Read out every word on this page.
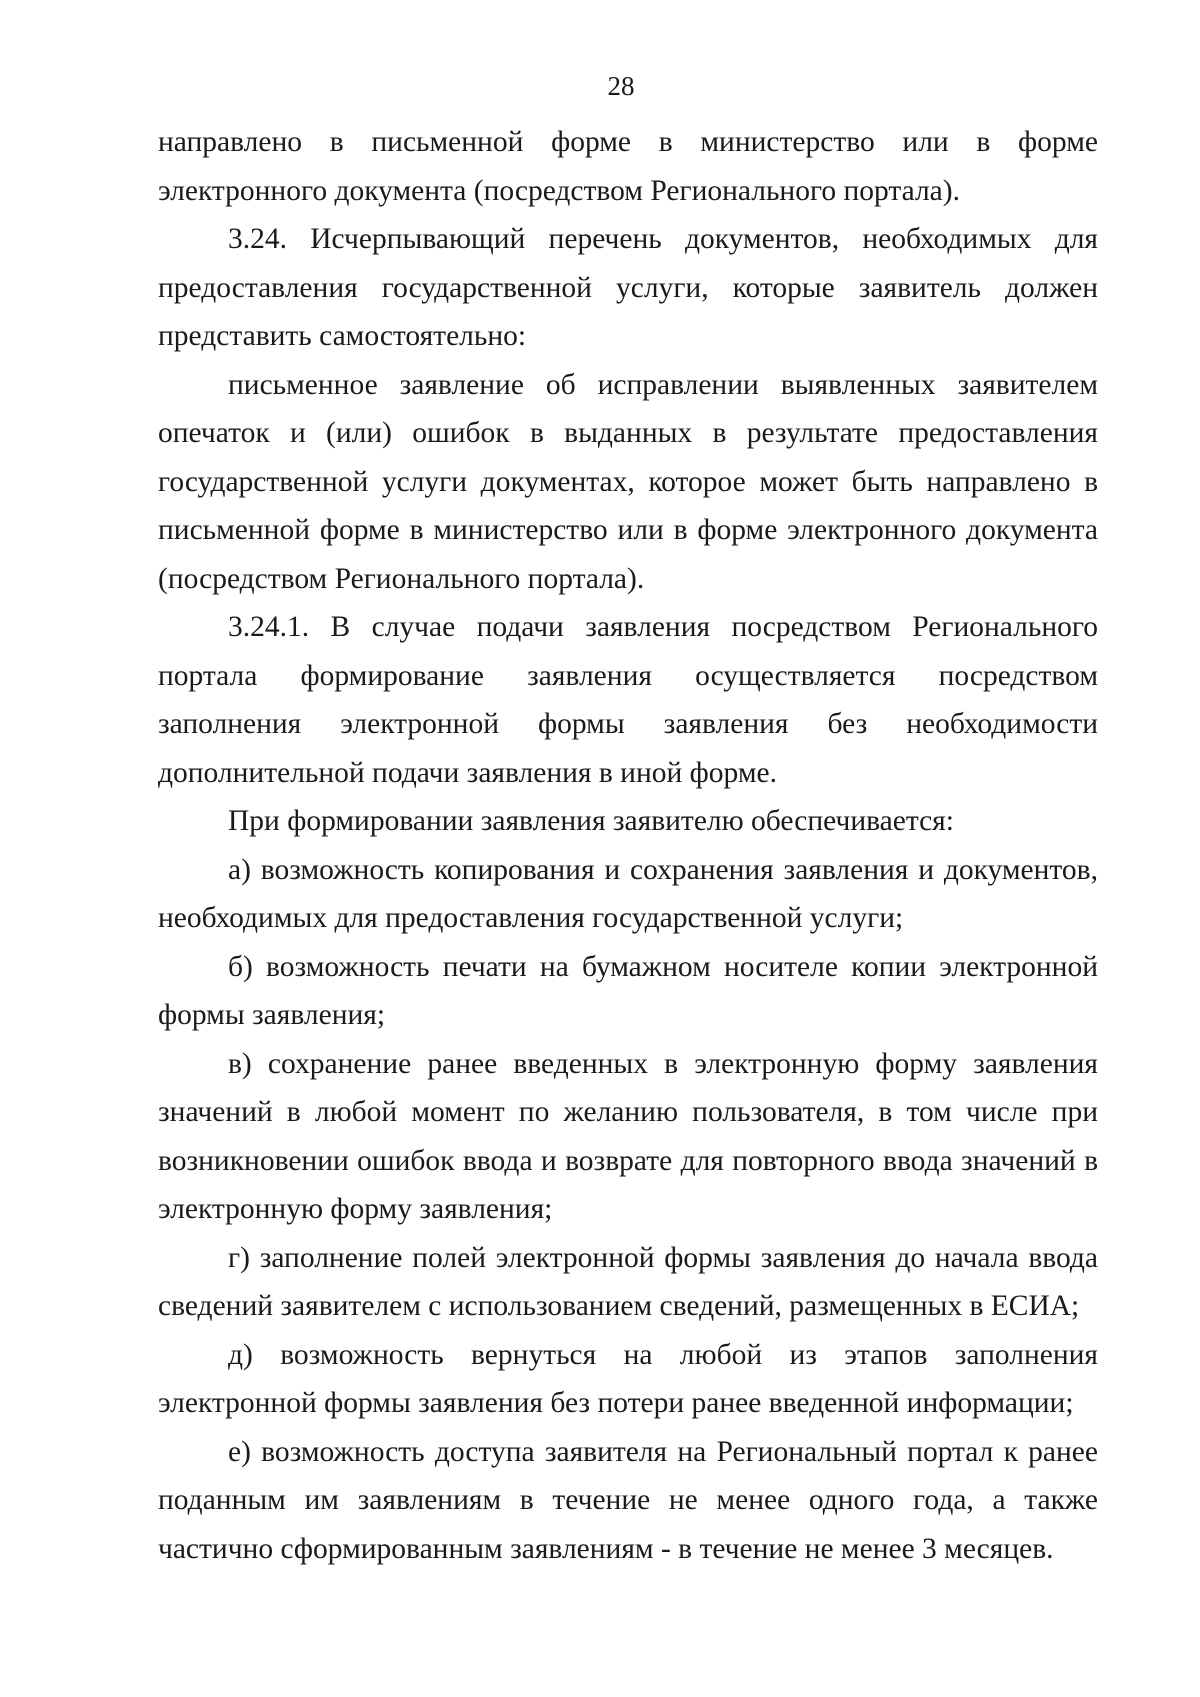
28

направлено в письменной форме в министерство или в форме электронного документа (посредством Регионального портала).

3.24. Исчерпывающий перечень документов, необходимых для предоставления государственной услуги, которые заявитель должен представить самостоятельно:

письменное заявление об исправлении выявленных заявителем опечаток и (или) ошибок в выданных в результате предоставления государственной услуги документах, которое может быть направлено в письменной форме в министерство или в форме электронного документа (посредством Регионального портала).

3.24.1. В случае подачи заявления посредством Регионального портала формирование заявления осуществляется посредством заполнения электронной формы заявления без необходимости дополнительной подачи заявления в иной форме.

При формировании заявления заявителю обеспечивается:

а) возможность копирования и сохранения заявления и документов, необходимых для предоставления государственной услуги;

б) возможность печати на бумажном носителе копии электронной формы заявления;

в) сохранение ранее введенных в электронную форму заявления значений в любой момент по желанию пользователя, в том числе при возникновении ошибок ввода и возврате для повторного ввода значений в электронную форму заявления;

г) заполнение полей электронной формы заявления до начала ввода сведений заявителем с использованием сведений, размещенных в ЕСИА;

д) возможность вернуться на любой из этапов заполнения электронной формы заявления без потери ранее введенной информации;

е) возможность доступа заявителя на Региональный портал к ранее поданным им заявлениям в течение не менее одного года, а также частично сформированным заявлениям - в течение не менее 3 месяцев.
